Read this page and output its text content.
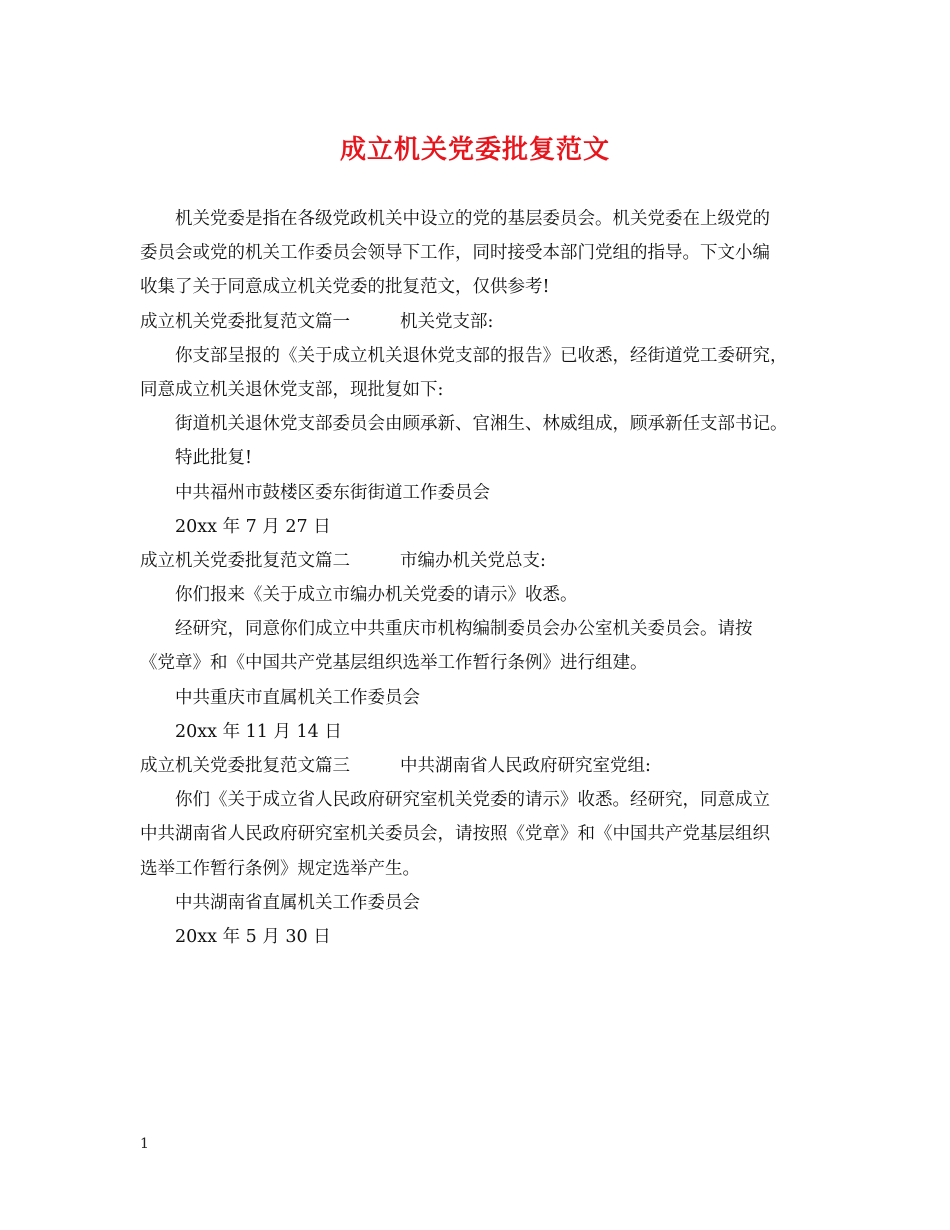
成立机关党委批复范文
机关党委是指在各级党政机关中设立的党的基层委员会。机关党委在上级党的
委员会或党的机关工作委员会领导下工作，同时接受本部门党组的指导。下文小编
收集了关于同意成立机关党委的批复范文，仅供参考!
成立机关党委批复范文篇一	机关党支部:
你支部呈报的《关于成立机关退休党支部的报告》已收悉，经街道党工委研究，
同意成立机关退休党支部，现批复如下:
街道机关退休党支部委员会由顾承新、官湘生、林威组成，顾承新任支部书记。
特此批复!
中共福州市鼓楼区委东街街道工作委员会
20xx 年 7 月 27 日
成立机关党委批复范文篇二	市编办机关党总支:
你们报来《关于成立市编办机关党委的请示》收悉。
经研究，同意你们成立中共重庆市机构编制委员会办公室机关委员会。请按
《党章》和《中国共产党基层组织选举工作暂行条例》进行组建。
中共重庆市直属机关工作委员会
20xx 年 11 月 14 日
成立机关党委批复范文篇三	中共湖南省人民政府研究室党组:
你们《关于成立省人民政府研究室机关党委的请示》收悉。经研究，同意成立
中共湖南省人民政府研究室机关委员会，请按照《党章》和《中国共产党基层组织
选举工作暂行条例》规定选举产生。
中共湖南省直属机关工作委员会
20xx 年 5 月 30 日
1
